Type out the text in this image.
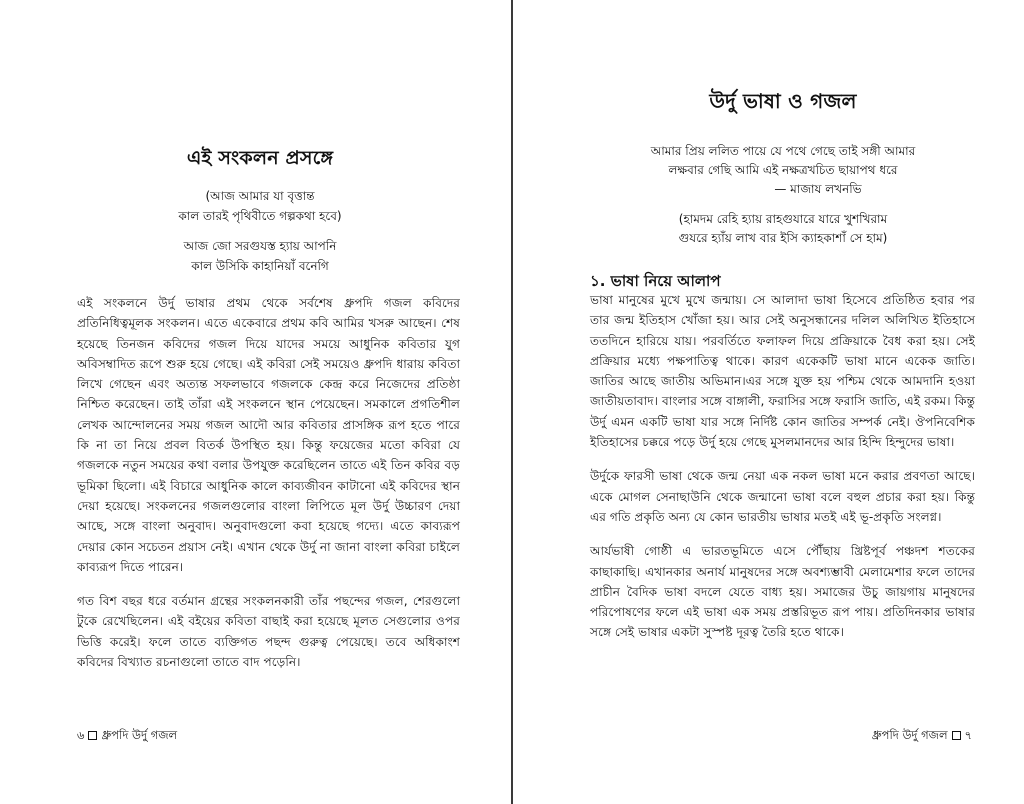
এই সংকলন প্রসঙ্গে
(আজ আমার যা বৃত্তান্ত
কাল তারই পৃথিবীতে গল্পকথা হবে)
আজ জো সরগুযস্ত হ্যায় আপনি
কাল উসিকি কাহানিয়াঁ বনেগি

এই সংকলনে উর্দু ভাষার প্রথম থেকে সর্বশেষ ধ্রুপদি গজল কবিদের প্রতিনিধিত্বমূলক সংকলন। এতে একেবারে প্রথম কবি আমির খসরু আছেন। শেষ হয়েছে তিনজন কবিদের গজল দিয়ে যাদের সময়ে আধুনিক কবিতার যুগ অবিসম্বাদিত রূপে শুরু হয়ে গেছে। এই কবিরা সেই সময়েও ধ্রুপদি ধারায় কবিতা লিখে গেছেন এবং অত্যন্ত সফলভাবে গজলকে কেন্দ্র করে নিজেদের প্রতিষ্ঠা নিশ্চিত করেছেন। তাই তাঁরা এই সংকলনে স্থান পেয়েছেন। সমকালে প্রগতিশীল লেখক আন্দোলনের সময় গজল আদৌ আর কবিতার প্রাসঙ্গিক রূপ হতে পারে কি না তা নিয়ে প্রবল বিতর্ক উপস্থিত হয়। কিন্তু ফয়েজের মতো কবিরা যে গজলকে নতুন সময়ের কথা বলার উপযুক্ত করেছিলেন তাতে এই তিন কবির বড় ভূমিকা ছিলো। এই বিচারে আধুনিক কালে কাব্যজীবন কাটানো এই কবিদের স্থান দেয়া হয়েছে। সংকলনের গজলগুলোর বাংলা লিপিতে মূল উর্দু উচ্চারণ দেয়া আছে, সঙ্গে বাংলা অনুবাদ। অনুবাদগুলো কবা হয়েছে গদ্যে। এতে কাব্যরূপ দেয়ার কোন সচেতন প্রয়াস নেই। এখান থেকে উর্দু না জানা বাংলা কবিরা চাইলে কাব্যরূপ দিতে পারেন।

গত বিশ বছর ধরে বর্তমান গ্রন্থের সংকলনকারী তাঁর পছন্দের গজল, শেরগুলো টুকে রেখেছিলেন। এই বইয়ের কবিতা বাছাই করা হয়েছে মূলত সেগুলোর ওপর ভিত্তি করেই। ফলে তাতে ব্যক্তিগত পছন্দ গুরুত্ব পেয়েছে। তবে অধিকাংশ কবিদের বিখ্যাত রচনাগুলো তাতে বাদ পড়েনি।

৬ ধ্রুপদি উর্দু গজল
উর্দু ভাষা ও গজল
আমার প্রিয় ললিত পায়ে যে পথে গেছে তাই সঙ্গী আমার
লক্ষবার গেছি আমি এই নক্ষত্রখচিত ছায়াপথ ধরে
— মাজায লখনভি
(হামদম রেহি হ্যায় রাহগুযারে যারে খুশখিরাম
গুযরে হ্যাঁয় লাখ বার ইসি ক্যাহকাশাঁ সে হাম)
১. ভাষা নিয়ে আলাপ

ভাষা মানুষের মুখে মুখে জন্মায়। সে আলাদা ভাষা হিসেবে প্রতিষ্ঠিত হবার পর তার জন্ম ইতিহাস খোঁজা হয়। আর সেই অনুসন্ধানের দলিল অলিখিত ইতিহাসে ততদিনে হারিয়ে যায়। পরবর্তিতে ফলাফল দিয়ে প্রক্রিয়াকে বৈধ করা হয়। সেই প্রক্রিয়ার মধ্যে পক্ষপাতিত্ব থাকে। কারণ একেকটি ভাষা মানে একেক জাতি। জাতির আছে জাতীয় অভিমান।এর সঙ্গে যুক্ত হয় পশ্চিম থেকে আমদানি হওয়া জাতীয়তাবাদ। বাংলার সঙ্গে বাঙ্গালী, ফরাসির সঙ্গে ফরাসি জাতি, এই রকম। কিন্তু উর্দু এমন একটি ভাষা যার সঙ্গে নির্দিষ্ট কোন জাতির সম্পর্ক নেই। ঔপনিবেশিক ইতিহাসের চক্করে পড়ে উর্দু হয়ে গেছে মুসলমানদের আর হিন্দি হিন্দুদের ভাষা।

উর্দুকে ফারসী ভাষা থেকে জন্ম নেয়া এক নকল ভাষা মনে করার প্রবণতা আছে। একে মোগল সেনাছাউনি থেকে জন্মানো ভাষা বলে বহুল প্রচার করা হয়। কিন্তু এর গতি প্রকৃতি অন্য যে কোন ভারতীয় ভাষার মতই এই ভূ-প্রকৃতি সংলগ্ন।

আর্যভাষী গোষ্ঠী এ ভারতভূমিতে এসে পৌঁছায় খ্রিষ্টপূর্ব পঞ্চদশ শতকের কাছাকাছি। এখানকার অনার্য মানুষদের সঙ্গে অবশ্যম্ভাবী মেলামেশার ফলে তাদের প্রাচীন বৈদিক ভাষা বদলে যেতে বাধ্য হয়। সমাজের উচু জায়গায় মানুষদের পরিপোষণের ফলে এই ভাষা এক সময় প্রস্তরিভূত রূপ পায়। প্রতিদিনকার ভাষার সঙ্গে সেই ভাষার একটা সুস্পষ্ট দূরত্ব তৈরি হতে থাকে।

ধ্রুপদি উর্দু গজল ৭
